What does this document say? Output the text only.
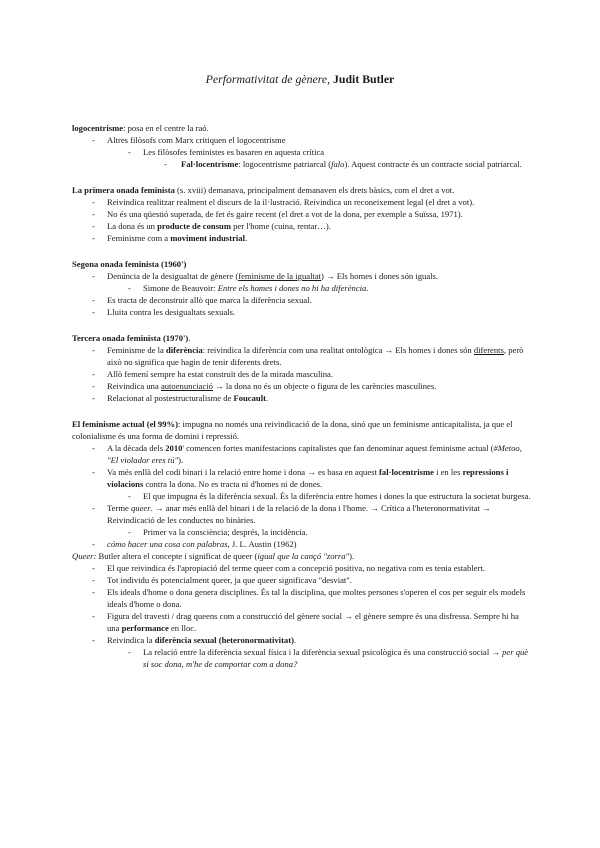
Performativitat de gènere, Judit Butler
logocentrisme: posa en el centre la raó.
- Altres filòsofs com Marx critiquen el logocentrisme
- Les filòsofes feministes es basaren en aquesta crítica
- Fal·locentrisme: logocentrisme patriarcal (falo). Aquest contracte és un contracte social patriarcal.
La primera onada feminista (s. xviii) demanava, principalment demanaven els drets bàsics, com el dret a vot.
- Reivindica realitzar realment el discurs de la il·lustració. Reivindica un reconeixement legal (el dret a vot).
- No és una qüestió superada, de fet és gaire recent (el dret a vot de la dona, per exemple a Suïssa, 1971).
- La dona és un producte de consum per l'home (cuina, rentar…).
- Feminisme com a moviment industrial.
Segona onada feminista (1960')
- Denúncia de la desigualtat de gènere (feminisme de la igualtat) → Els homes i dones són iguals.
- Simone de Beauvoir: Entre els homes i dones no hi ha diferència.
- Es tracta de deconstruir allò que marca la diferència sexual.
- Lluita contra les desigualtats sexuals.
Tercera onada feminista (1970').
- Feminisme de la diferència: reivindica la diferència com una realitat ontològica → Els homes i dones són diferents, però això no significa que hagin de tenir diferents drets.
- Allò femení sempre ha estat construït des de la mirada masculina.
- Reivindica una autoenunciació → la dona no és un objecte o figura de les carències masculines.
- Relacionat al postestructuralisme de Foucault.
El feminisme actual (el 99%): impugna no només una reivindicació de la dona, sinó que un feminisme anticapitalista, ja que el colonialisme és una forma de domini i repressió.
- A la dècada dels 2010' comencen fortes manifestacions capitalistes que fan denominar aquest feminisme actual (#Metoo, "El violador eres tú").
- Va més enllà del codi binari i la relació entre home i dona → es basa en aquest fal·locentrisme i en les repressions i violacions contra la dona. No es tracta ni d'homes ni de dones.
- El que impugna és la diferència sexual. És la diferència entre homes i dones la que estructura la societat burgesa.
- Terme queer. → anar més enllà del binari i de la relació de la dona i l'home. → Crítica a l'heteronormativitat → Reivindicació de les conductes no binàries.
- Primer va la consciència; després, la incidència.
- cómo hacer una cosa con palabras, J. L. Austin (1962)
Queer: Butler altera el concepte i significat de queer (igual que la cançó "zorra").
- El que reivindica és l'apropiació del terme queer com a concepció positiva, no negativa com es tenia establert.
- Tot individu és potencialment queer, ja que queer significava "desviat".
- Els ideals d'home o dona genera disciplines. És tal la disciplina, que moltes persones s'operen el cos per seguir els models ideals d'home o dona.
- Figura del travesti / drag queens com a construcció del gènere social → el gènere sempre és una disfressa. Sempre hi ha una performance en lloc.
- Reivindica la diferència sexual (heteronormativitat).
- La relació entre la diferència sexual física i la diferència sexual psicològica és una construcció social → per què si soc dona, m'he de comportar com a dona?
